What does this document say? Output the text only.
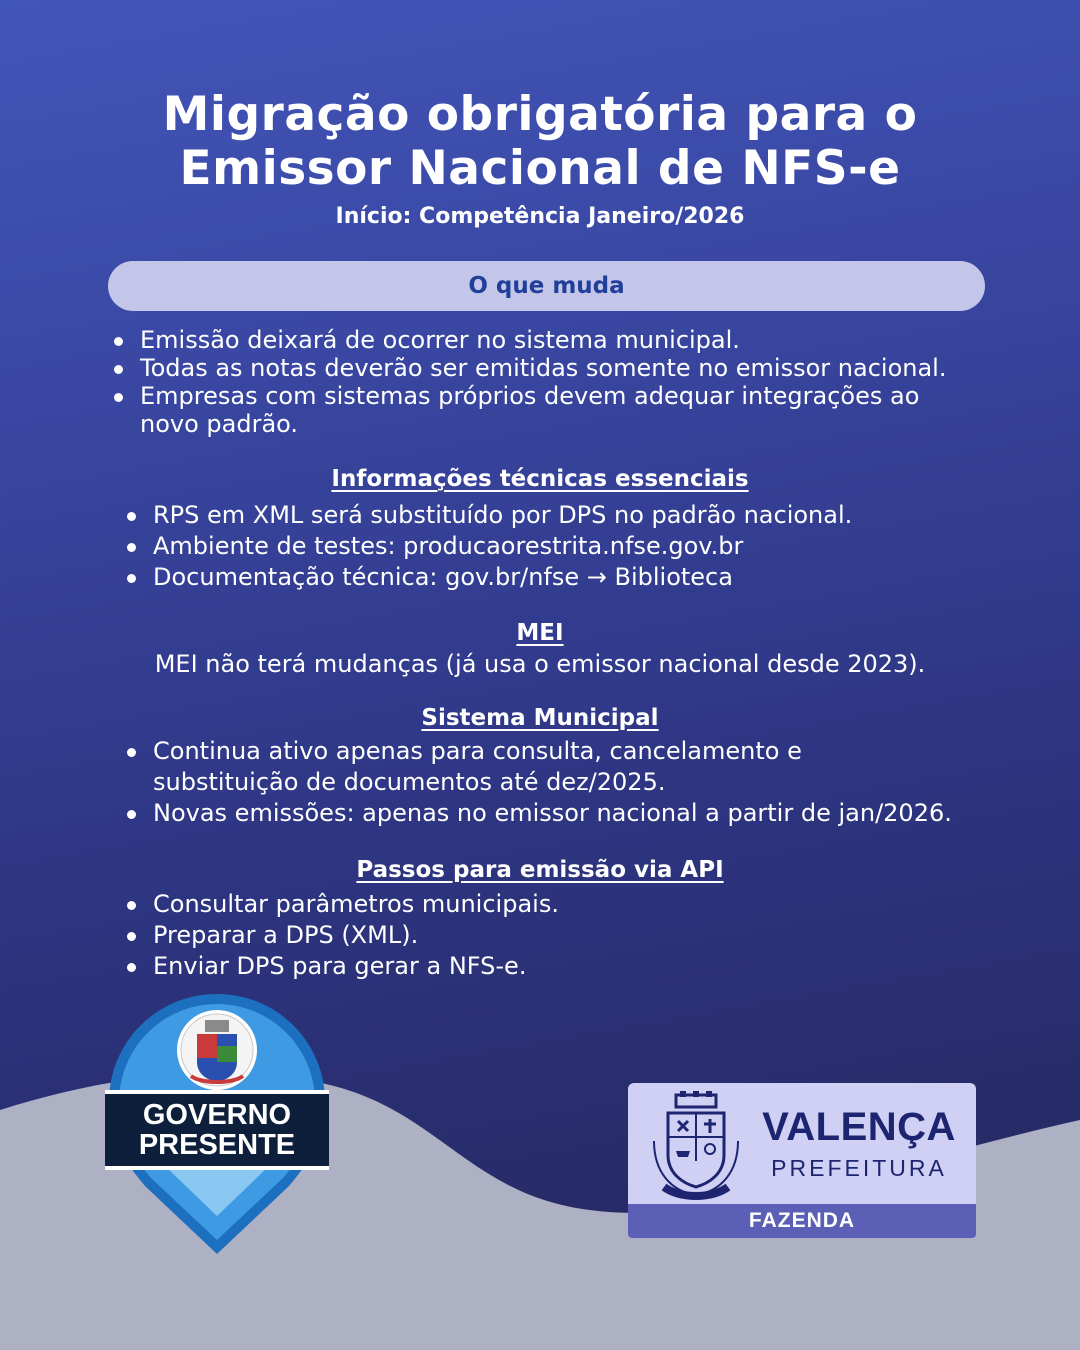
Migração obrigatória para o
Emissor Nacional de NFS-e
Início: Competência Janeiro/2026
O que muda
Emissão deixará de ocorrer no sistema municipal.
Todas as notas deverão ser emitidas somente no emissor nacional.
Empresas com sistemas próprios devem adequar integrações ao novo padrão.
Informações técnicas essenciais
RPS em XML será substituído por DPS no padrão nacional.
Ambiente de testes: producaorestrita.nfse.gov.br
Documentação técnica: gov.br/nfse → Biblioteca
MEI
MEI não terá mudanças (já usa o emissor nacional desde 2023).
Sistema Municipal
Continua ativo apenas para consulta, cancelamento e substituição de documentos até dez/2025.
Novas emissões: apenas no emissor nacional a partir de jan/2026.
Passos para emissão via API
Consultar parâmetros municipais.
Preparar a DPS (XML).
Enviar DPS para gerar a NFS-e.
GOVERNO
PRESENTE	VALENÇA
PREFEITURA
FAZENDA
